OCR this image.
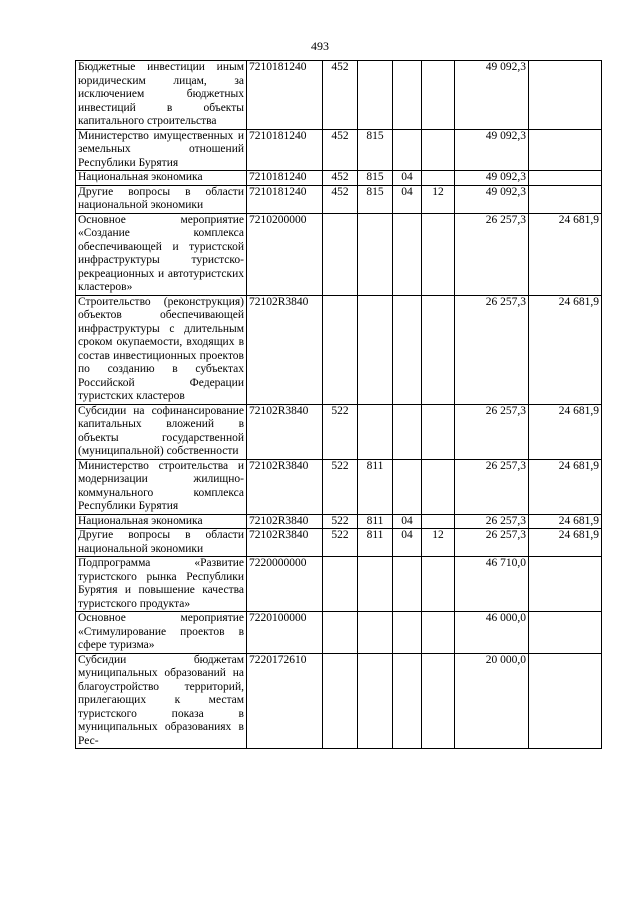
493
Бюджетные инвестиции иным юридическим лицам, за исключением бюджетных инвестиций в объекты капитального строительства	7210181240	452				49 092,3	
Министерство имущественных и земельных отношений Республики Бурятия	7210181240	452	815			49 092,3	
Национальная экономика	7210181240	452	815	04		49 092,3	
Другие вопросы в области национальной экономики	7210181240	452	815	04	12	49 092,3	
Основное мероприятие «Создание комплекса обеспечивающей и туристской инфраструктуры туристско-рекреационных и автотуристских кластеров»	7210200000					26 257,3	24 681,9
Строительство (реконструкция) объектов обеспечивающей инфраструктуры с длительным сроком окупаемости, входящих в состав инвестиционных проектов по созданию в субъектах Российской Федерации туристских кластеров	72102R3840					26 257,3	24 681,9
Субсидии на софинансирование капитальных вложений в объекты государственной (муниципальной) собственности	72102R3840	522				26 257,3	24 681,9
Министерство строительства и модернизации жилищно-коммунального комплекса Республики Бурятия	72102R3840	522	811			26 257,3	24 681,9
Национальная экономика	72102R3840	522	811	04		26 257,3	24 681,9
Другие вопросы в области национальной экономики	72102R3840	522	811	04	12	26 257,3	24 681,9
Подпрограмма «Развитие туристского рынка Республики Бурятия и повышение качества туристского продукта»	7220000000					46 710,0	
Основное мероприятие «Стимулирование проектов в сфере туризма»	7220100000					46 000,0	
Субсидии бюджетам муниципальных образований на благоустройство территорий, прилегающих к местам туристского показа в муниципальных образованиях в Рес-	7220172610					20 000,0	
